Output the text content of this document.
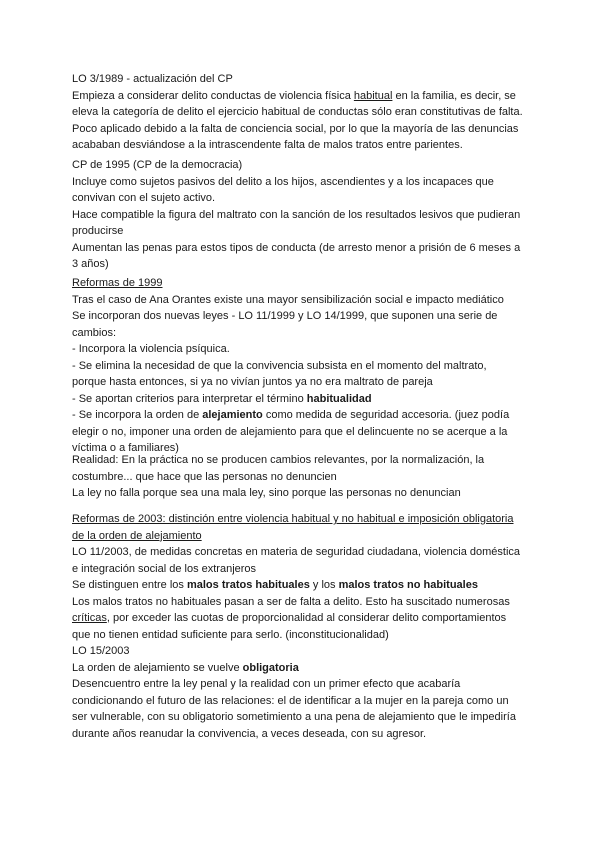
LO 3/1989 - actualización del CP
Empieza a considerar delito conductas de violencia física habitual en la familia, es decir, se
eleva la categoría de delito el ejercicio habitual de conductas sólo eran constitutivas de falta.
Poco aplicado debido a la falta de conciencia social, por lo que la mayoría de las denuncias
acababan desviándose a la intrascendente falta de malos tratos entre parientes.
CP de 1995 (CP de la democracia)
Incluye como sujetos pasivos del delito a los hijos, ascendientes y a los incapaces que
convivan con el sujeto activo.
Hace compatible la figura del maltrato con la sanción de los resultados lesivos que pudieran
producirse
Aumentan las penas para estos tipos de conducta (de arresto menor a prisión de 6 meses a
3 años)
Reformas de 1999
Tras el caso de Ana Orantes existe una mayor sensibilización social e impacto mediático
Se incorporan dos nuevas leyes - LO 11/1999 y LO 14/1999, que suponen una serie de
cambios:
- Incorpora la violencia psíquica.
- Se elimina la necesidad de que la convivencia subsista en el momento del maltrato,
porque hasta entonces, si ya no vivían juntos ya no era maltrato de pareja
- Se aportan criterios para interpretar el término habitualidad
- Se incorpora la orden de alejamiento como medida de seguridad accesoria. (juez podía
elegir o no, imponer una orden de alejamiento para que el delincuente no se acerque a la
víctima o a familiares)
Realidad: En la práctica no se producen cambios relevantes, por la normalización, la
costumbre... que hace que las personas no denuncien
La ley no falla porque sea una mala ley, sino porque las personas no denuncian
Reformas de 2003: distinción entre violencia habitual y no habitual e imposición obligatoria
de la orden de alejamiento
LO 11/2003, de medidas concretas en materia de seguridad ciudadana, violencia doméstica
e integración social de los extranjeros
Se distinguen entre los malos tratos habituales y los malos tratos no habituales
Los malos tratos no habituales pasan a ser de falta a delito. Esto ha suscitado numerosas
críticas, por exceder las cuotas de proporcionalidad al considerar delito comportamientos
que no tienen entidad suficiente para serlo. (inconstitucionalidad)
LO 15/2003
La orden de alejamiento se vuelve obligatoria
Desencuentro entre la ley penal y la realidad con un primer efecto que acabaría
condicionando el futuro de las relaciones: el de identificar a la mujer en la pareja como un
ser vulnerable, con su obligatorio sometimiento a una pena de alejamiento que le impediría
durante años reanudar la convivencia, a veces deseada, con su agresor.
